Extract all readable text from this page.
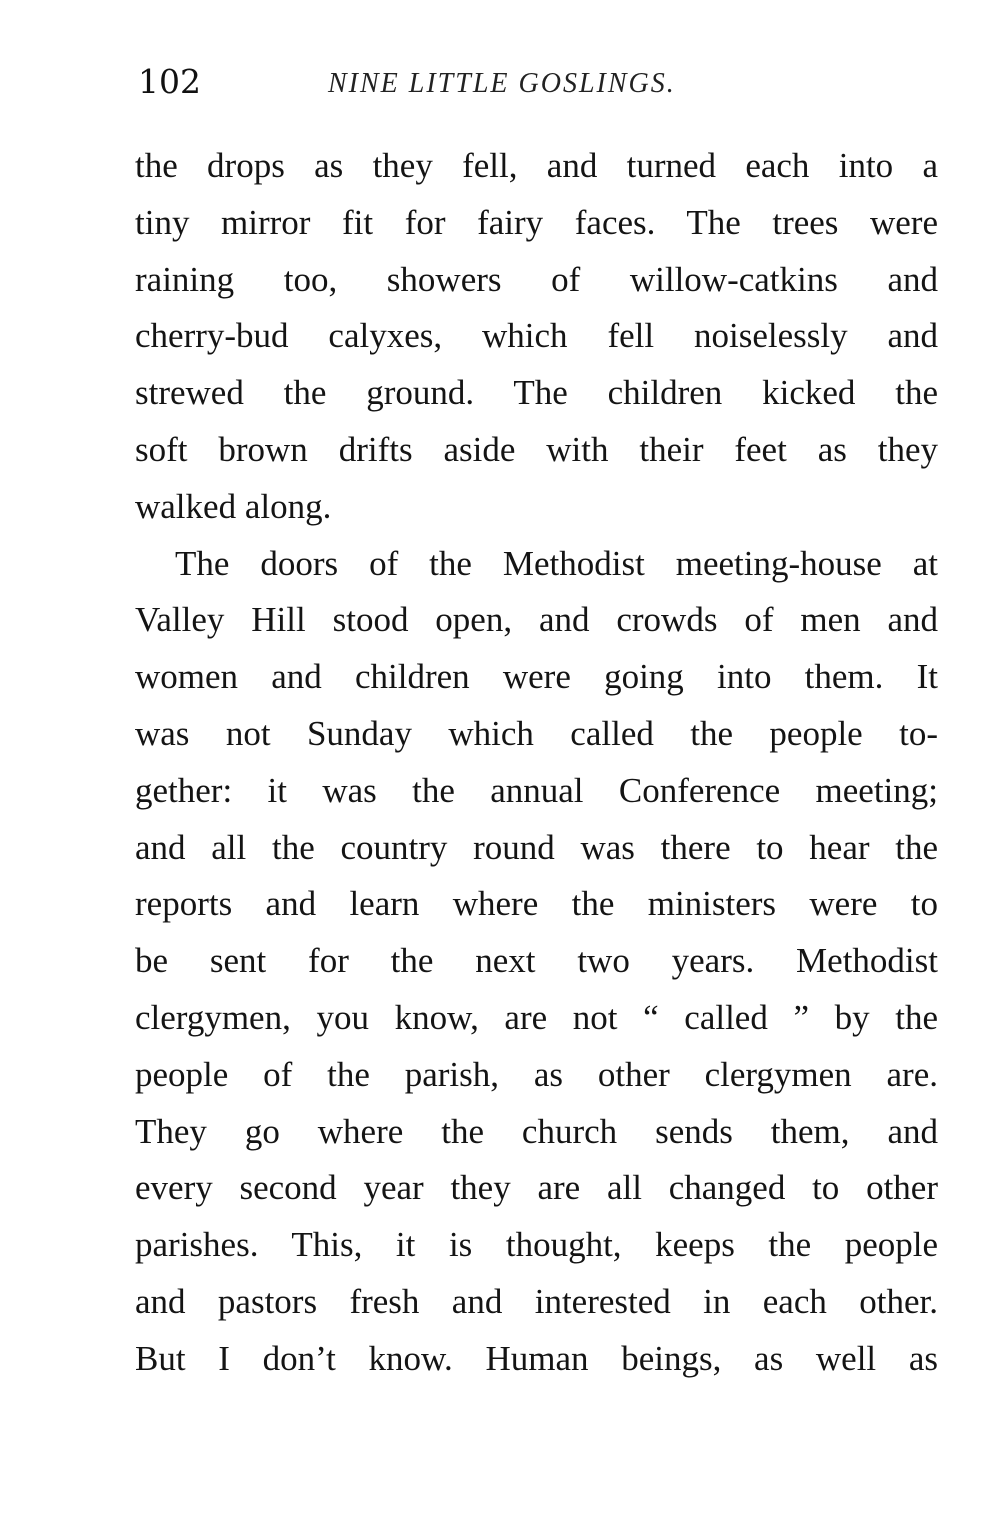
102	NINE LITTLE GOSLINGS.
the drops as they fell, and turned each into a
tiny mirror fit for fairy faces. The trees were
raining too, showers of willow-catkins and
cherry-bud calyxes, which fell noiselessly and
strewed the ground. The children kicked the
soft brown drifts aside with their feet as they
walked along.
The doors of the Methodist meeting-house at
Valley Hill stood open, and crowds of men and
women and children were going into them. It
was not Sunday which called the people to-
gether: it was the annual Conference meeting;
and all the country round was there to hear the
reports and learn where the ministers were to
be sent for the next two years. Methodist
clergymen, you know, are not “ called ” by the
people of the parish, as other clergymen are.
They go where the church sends them, and
every second year they are all changed to other
parishes. This, it is thought, keeps the people
and pastors fresh and interested in each other.
But I don’t know. Human beings, as well as
